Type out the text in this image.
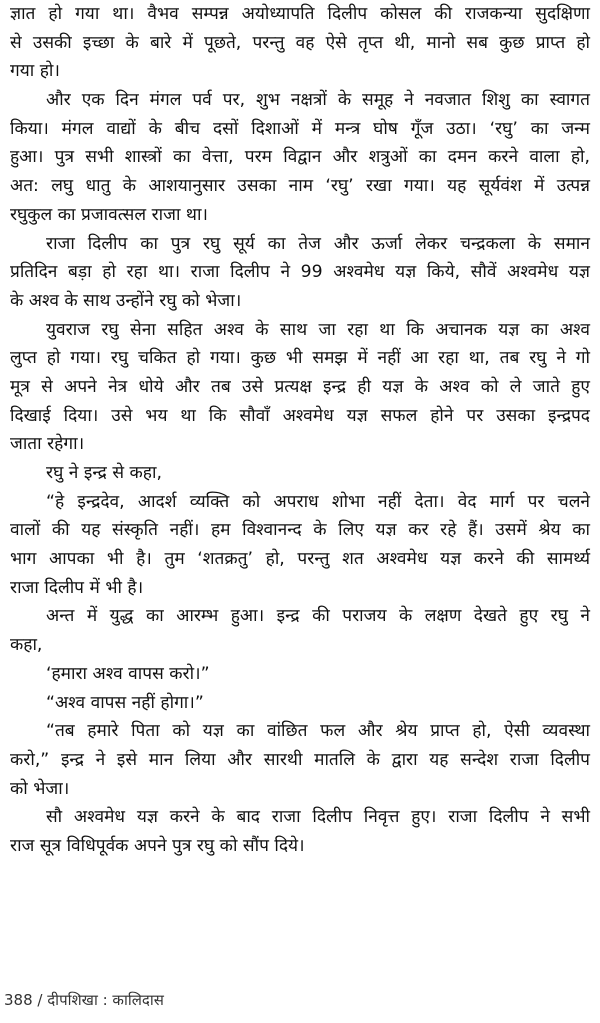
ज्ञात हो गया था। वैभव सम्पन्न अयोध्यापति दिलीप कोसल की राजकन्या सुदक्षिणा
से उसकी इच्छा के बारे में पूछते, परन्तु वह ऐसे तृप्त थी, मानो सब कुछ प्राप्त हो
गया हो।
और एक दिन मंगल पर्व पर, शुभ नक्षत्रों के समूह ने नवजात शिशु का स्वागत
किया। मंगल वाद्यों के बीच दसों दिशाओं में मन्त्र घोष गूँज उठा। ‘रघु’ का जन्म
हुआ। पुत्र सभी शास्त्रों का वेत्ता, परम विद्वान और शत्रुओं का दमन करने वाला हो,
अत: लघु धातु के आशयानुसार उसका नाम ‘रघु’ रखा गया। यह सूर्यवंश में उत्पन्न
रघुकुल का प्रजावत्सल राजा था।
राजा दिलीप का पुत्र रघु सूर्य का तेज और ऊर्जा लेकर चन्द्रकला के समान
प्रतिदिन बड़ा हो रहा था। राजा दिलीप ने 99 अश्वमेध यज्ञ किये, सौवें अश्वमेध यज्ञ
के अश्व के साथ उन्होंने रघु को भेजा।
युवराज रघु सेना सहित अश्व के साथ जा रहा था कि अचानक यज्ञ का अश्व
लुप्त हो गया। रघु चकित हो गया। कुछ भी समझ में नहीं आ रहा था, तब रघु ने गो
मूत्र से अपने नेत्र धोये और तब उसे प्रत्यक्ष इन्द्र ही यज्ञ के अश्व को ले जाते हुए
दिखाई दिया। उसे भय था कि सौवाँ अश्वमेध यज्ञ सफल होने पर उसका इन्द्रपद
जाता रहेगा।
रघु ने इन्द्र से कहा,
“हे इन्द्रदेव, आदर्श व्यक्ति को अपराध शोभा नहीं देता। वेद मार्ग पर चलने
वालों की यह संस्कृति नहीं। हम विश्वानन्द के लिए यज्ञ कर रहे हैं। उसमें श्रेय का
भाग आपका भी है। तुम ‘शतक्रतु’ हो, परन्तु शत अश्वमेध यज्ञ करने की सामर्थ्य
राजा दिलीप में भी है।
अन्त में युद्ध का आरम्भ हुआ। इन्द्र की पराजय के लक्षण देखते हुए रघु ने
कहा,
‘हमारा अश्व वापस करो।”
“अश्व वापस नहीं होगा।”
“तब हमारे पिता को यज्ञ का वांछित फल और श्रेय प्राप्त हो, ऐसी व्यवस्था
करो,” इन्द्र ने इसे मान लिया और सारथी मातलि के द्वारा यह सन्देश राजा दिलीप
को भेजा।
सौ अश्वमेध यज्ञ करने के बाद राजा दिलीप निवृत्त हुए। राजा दिलीप ने सभी
राज सूत्र विधिपूर्वक अपने पुत्र रघु को सौंप दिये।
388 / दीपशिखा : कालिदास
